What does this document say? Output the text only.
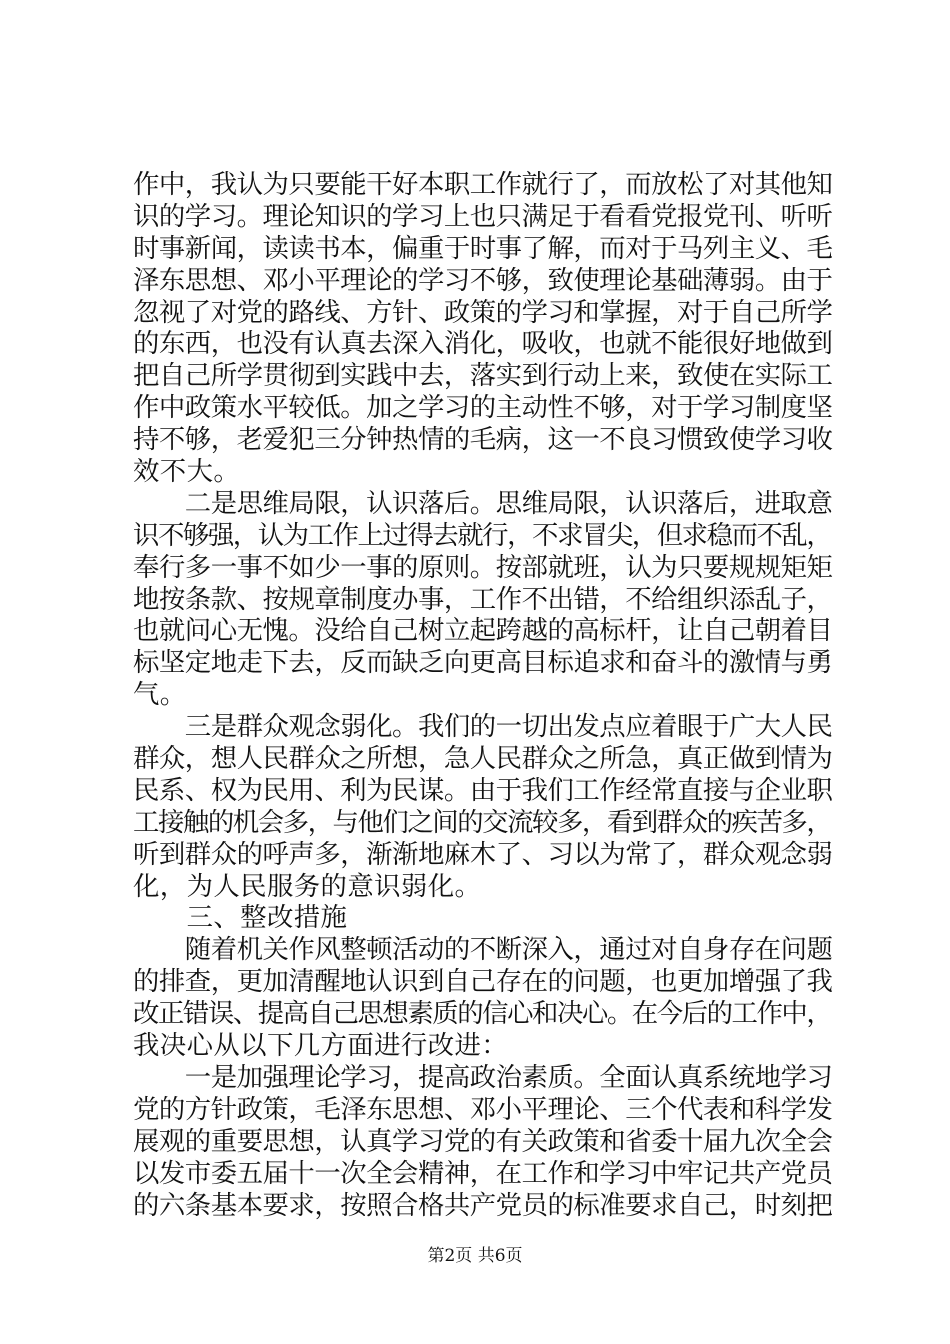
作中，我认为只要能干好本职工作就行了，而放松了对其他知
识的学习。理论知识的学习上也只满足于看看党报党刊、听听
时事新闻，读读书本，偏重于时事了解，而对于马列主义、毛
泽东思想、邓小平理论的学习不够，致使理论基础薄弱。由于
忽视了对党的路线、方针、政策的学习和掌握，对于自己所学
的东西，也没有认真去深入消化，吸收，也就不能很好地做到
把自己所学贯彻到实践中去，落实到行动上来，致使在实际工
作中政策水平较低。加之学习的主动性不够，对于学习制度坚
持不够，老爱犯三分钟热情的毛病，这一不良习惯致使学习收
效不大。
　　二是思维局限，认识落后。思维局限，认识落后，进取意
识不够强，认为工作上过得去就行，不求冒尖，但求稳而不乱，
奉行多一事不如少一事的原则。按部就班，认为只要规规矩矩
地按条款、按规章制度办事，工作不出错，不给组织添乱子，
也就问心无愧。没给自己树立起跨越的高标杆，让自己朝着目
标坚定地走下去，反而缺乏向更高目标追求和奋斗的激情与勇
气。
　　三是群众观念弱化。我们的一切出发点应着眼于广大人民
群众，想人民群众之所想，急人民群众之所急，真正做到情为
民系、权为民用、利为民谋。由于我们工作经常直接与企业职
工接触的机会多，与他们之间的交流较多，看到群众的疾苦多，
听到群众的呼声多，渐渐地麻木了、习以为常了，群众观念弱
化，为人民服务的意识弱化。
　　三、整改措施
　　随着机关作风整顿活动的不断深入，通过对自身存在问题
的排查，更加清醒地认识到自己存在的问题，也更加增强了我
改正错误、提高自己思想素质的信心和决心。在今后的工作中，
我决心从以下几方面进行改进：
　　一是加强理论学习，提高政治素质。全面认真系统地学习
党的方针政策，毛泽东思想、邓小平理论、三个代表和科学发
展观的重要思想，认真学习党的有关政策和省委十届九次全会
以发市委五届十一次全会精神，在工作和学习中牢记共产党员
的六条基本要求，按照合格共产党员的标准要求自己，时刻把
第2页 共6页
